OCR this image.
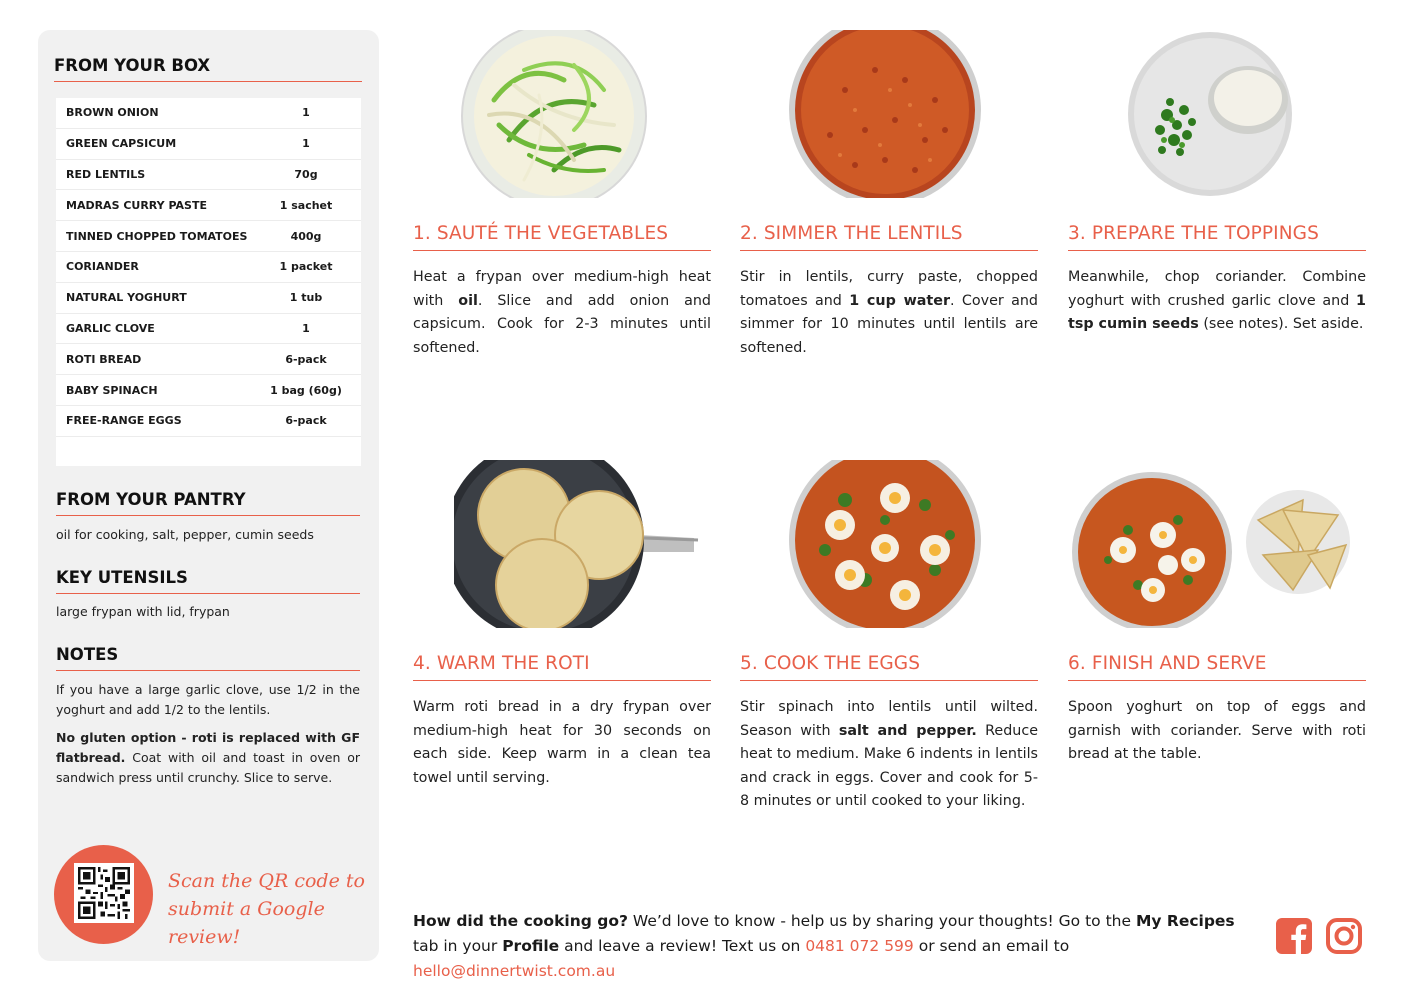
FROM YOUR BOX
BROWN ONION	1
GREEN CAPSICUM	1
RED LENTILS	70g
MADRAS CURRY PASTE	1 sachet
TINNED CHOPPED TOMATOES	400g
CORIANDER	1 packet
NATURAL YOGHURT	1 tub
GARLIC CLOVE	1
ROTI BREAD	6-pack
BABY SPINACH	1 bag (60g)
FREE-RANGE EGGS	6-pack
FROM YOUR PANTRY
oil for cooking, salt, pepper, cumin seeds
KEY UTENSILS
large frypan with lid, frypan
NOTES
If you have a large garlic clove, use 1/2 in the yoghurt and add 1/2 to the lentils.
No gluten option - roti is replaced with GF flatbread. Coat with oil and toast in oven or sandwich press until crunchy. Slice to serve.
Scan the QR code to
submit a Google review!
1. SAUTÉ THE VEGETABLES
Heat a frypan over medium-high heat with oil. Slice and add onion and capsicum. Cook for 2-3 minutes until softened.
2. SIMMER THE LENTILS
Stir in lentils, curry paste, chopped tomatoes and 1 cup water. Cover and simmer for 10 minutes until lentils are softened.
3. PREPARE THE TOPPINGS
Meanwhile, chop coriander. Combine yoghurt with crushed garlic clove and 1 tsp cumin seeds (see notes). Set aside.
4. WARM THE ROTI
Warm roti bread in a dry frypan over medium-high heat for 30 seconds on each side. Keep warm in a clean tea towel until serving.
5. COOK THE EGGS
Stir spinach into lentils until wilted. Season with salt and pepper. Reduce heat to medium. Make 6 indents in lentils and crack in eggs. Cover and cook for 5-8 minutes or until cooked to your liking.
6. FINISH AND SERVE
Spoon yoghurt on top of eggs and garnish with coriander. Serve with roti bread at the table.
How did the cooking go? We’d love to know - help us by sharing your thoughts! Go to the My Recipes tab in your Profile and leave a review! Text us on 0481 072 599 or send an email to hello@dinnertwist.com.au
